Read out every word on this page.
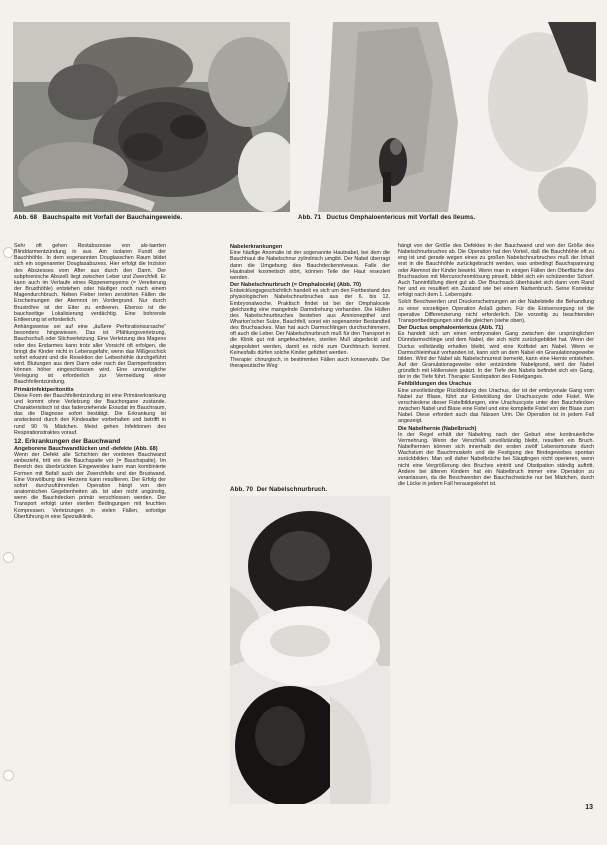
Abb. 68 Bauchspalte mit Vorfall der Bauchaingeweide.	Abb. 71 Ductus Omphaloentericus mit Vorfall des Ileums.

Sehr oft gehen Restabszesse von als-taerten Blinddarmentzündung in aus. Am isolaren Fundt der Bauchhöhle. In dem sogenannten Douglasschen Raum bildet sich ein sogenannter Douglasabszess. Hier erfolgt die Inzision des Abszesses vom After aus durch den Darm. Der subphrenische Abszeß liegt zwischen Leber und Zwerchfell. Er kann auch im Verlaufe eines Rippenempyems (= Vereiterung der Brusthöhle) entstehen oder häufiger noch nach einem Magendurchbruch. Neben Fieber treten zerstörten Fällen die Erscheinungen der Atemnot im Vordergrund. Nur durch Bruströhre ist der Eiter zu entleeren. Ebenso ist die bauchseitige Lokalisierung verdächtig. Eine bohrende Entleerung ist erforderlich.

Anhängsweise sei auf eine „äußere Perforationsursache“ besonders hingewiesen. Das ist Pfählungsverletzung, Bauchschuß oder Stichverletzung. Eine Verletzung des Magens oder des Endarmes kann trotz aller Vorsicht oft erfolgen, die bringt die Kinder nicht in Lebensgefahr, wenn das Mißgeschick sofort erkannt und die Resektion der Leibeshöhle durchgeführt wird. Blutungen aus dem Darm oder nach der Darmperforation können höher eingeschlossen wird. Eine unverzügliche Verlegung ist erforderlich zur Vermeidung einer Bauchfellentzündung.

Primärinfektperitonitis

Diese Form der Bauchfellentzündung ist eine Primärerkrankung und kommt ohne Verletzung der Bauchorgane zustande. Charakteristisch ist das fadenziehende Exsudat im Bauchraum, das die Diagnose sofort bestätigt. Die Erkrankung ist ansteckend durch den Kindesalter vorbehalten und betrifft in rund 90 % Mädchen. Meist gehen Infektionen des Respirationstraktes vorauf.

12. Erkrankungen der Bauchwand
Angeborene Bauchwandlücken und -defekte (Abb. 68)

Wenn der Defekt alle Schichten der vorderen Bauchwand einbezieht, tritt ein die Bauchspalte vor (= Bauchspalte). Im Bereich des überbrückten Eingeweides kann man kombinierte Formen mit Befall auch der Zwerchfells und der Brustwand. Eine Vorwölbung des Herzens kann resultieren. Der Erfolg der sofort durchzuführenden Operation hängt von den anatomischen Gegebenheiten ab. Ist aber nicht ungünstig, wenn die Bauchdecken primär verschlossen werden. Der Transport erfolgt unter sterilen Bedingungen mit feuchten Kompressen. Verletzungen in vielen Fällen, sofortige Überführung in eine Spezialklinik.

Nabelerkrankungen

Eine häufige Anomalie ist der sogenannte Hautnabel, bei dem die Bauchhaut die Nabelschnur zylindrisch umgibt. Der Nabel überragt dann die Umgebung des Bauchdeckenniveaus. Falle der Hautnabel kosmetisch stört, können Teile der Haut reseziert werden.

Der Nabelschnurbruch (= Omphalocele) (Abb. 70)

Entwicklungsgeschichtlich handelt es sich um den Fortbestand des physiologischen Nabelschnurbruches aus der 6. bis 12. Embryonalwoche. Praktisch findet ist bei der Omphalocele gleichzeitig eine mangelnde Darmdrehung vorhanden. Die Hüllen des Nabelschnurbruches bestehen aus Amnionepithel und Wharton'scher Sulze, Bauchfell, sonst ein sogenannter Bestandteil des Bruchsackes. Man hat auch Darmschlingen durchschimmern, oft auch die Leber. Der Nabelschnurbruch muß für den Transport in die Klinik gut mit angefeuchteten, sterilen Mull abgedeckt und abgepolstert werden, damit es nicht zum Durchbruch kommt. Keinesfalls dürfen solche Kinder gefüttert werden.

Therapie: chirurgisch, in bestimmten Fällen auch konservativ. Der therapeutische Weg

Abb. 70 Der Nabelschnurbruch.

hängt von der Größe des Defektes in der Bauchwand und von der Größe des Nabelschnurbruches ab. Die Operation hat den Vorteil, daß die Bauchhöhle oft zu eng ist und gerade wegen eines zu großen Nabelschnurbruches muß der Inhalt erst in die Bauchhöhle zurückgebracht werden, was unbedingt Bauchspannung oder Atemnot der Kinder bewirkt. Wenn man in einigen Fällen den Oberfläche des Bruchsackes mit Mercurochromlösung pinselt, bildet sich ein schützender Schorf. Auch Tanninfüllung dient gut ab. Der Bruchsack überhäutet sich dann vom Rand her und es resultiert ein Zustand wie bei einem Narbenbruch. Seine Korrektur erfolgt nach dem 1. Lebensjahr.

Solch Beschwerden und Druckerscheinungen an der Nabelstelle die Behandlung zu einer vorzeitigen Operation Anlaß geben. Für die Erstversorgung ist die operative Differenzierung nicht erforderlich. Die vorzeitig zu beachtenden Transportbedingungen sind die gleichen (siehe oben).

Der Ductus omphaloentericus (Abb. 71)

Es handelt sich um einen embryonalen Gang zwischen der ursprünglichen Dünndarmschlinge und dem Nabel, der sich nicht zurückgebildet hat. Wenn der Ductus vollständig erhalten bleibt, wird eine Kotfistel am Nabel. Wenn er Darmschleimhaut vorhanden ist, kann sich an dem Nabel ein Granulationsgewebe bilden. Wird der Nabel als Nabelschnurrest bemerkt, kann eine Hernie entstehen. Auf der Granulationsgewebe oder entzündete Nabelgrund, wird der Nabel gründlich mit Höllenstein geätzt. In der Tiefe des Nabels befindet sich ein Gang, der in die Tiefe führt. Therapie: Exstirpation des Fistelganges.

Fehlbildungen des Urachus

Eine unvollständige Rückbildung des Urachus, der ist der embryonale Gang vom Nabel zur Blase, führt zur Entwicklung der Urachuscyste oder Fistel. Wie verschiedene dieser Fistelbildungen, eine Urachuscyste unter den Bauchdecken zwischen Nabel und Blase eine Fistel und eine komplette Fistel von der Blase zum Nabel. Diese erfordert auch das Nässen Urin. Die Operation ist in jedem Fall angezeigt.

Die Nabelhernie (Nabelbruch)

In der Regel erhält der Nabelring nach der Geburt eine kontinuierliche Vermehrung. Wenn der Verschluß unvollständig bleibt, resultiert ein Bruch. Nabelhernien können sich innerhalb der ersten zwölf Lebensmonate durch Wachstum der Bauchmuskeln und die Festigung des Bindegewebes spontan zurückbilden. Man soll daher Nabelbrüche bei Säuglingen nicht operieren, wenn nicht eine Vergrößerung des Bruches eintritt und Obstipation ständig auftritt. Andere bei älteren Kindern hat ein Nabelbruch immer eine Operation zu veranlassen, da die Beschwerden der Bauchschwäche nur bei Mädchen, durch die Lücke in jedem Fall herausgekehrt ist.

13
